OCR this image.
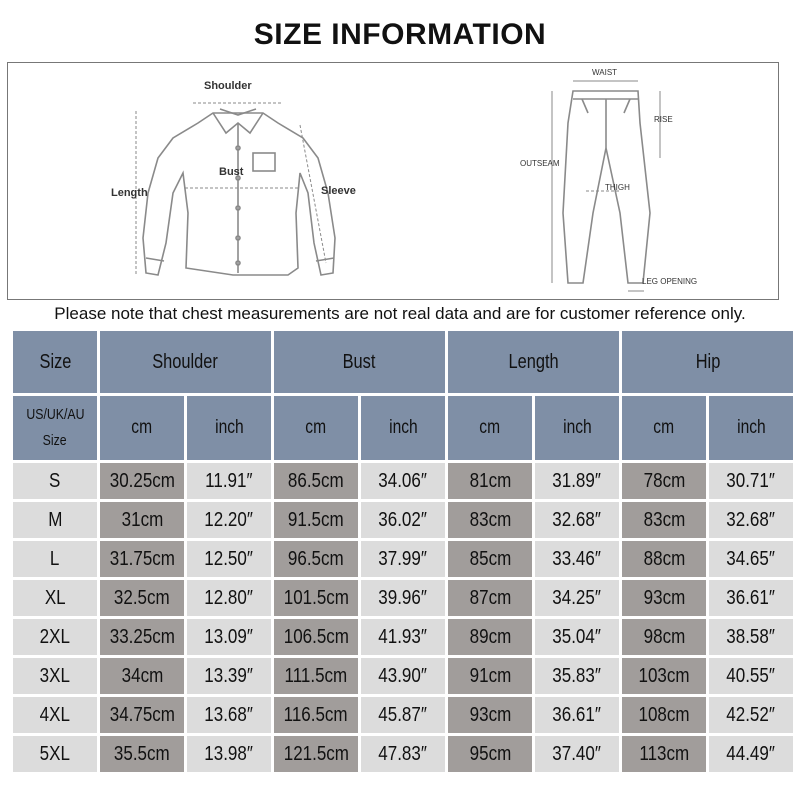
SIZE INFORMATION
Shoulder
Bust
Length	Sleeve
WAIST
RISE
OUTSEAM
THIGH
LEG OPENING
Please note that chest measurements are not real data and are for customer reference only.
Size	Shoulder		Bust		Length		Hip	
US/UK/AU
Size	cm	inch	cm	inch	cm	inch	cm	inch
S	30.25cm	11.91″	86.5cm	34.06″	81cm	31.89″	78cm	30.71″
M	31cm	12.20″	91.5cm	36.02″	83cm	32.68″	83cm	32.68″
L	31.75cm	12.50″	96.5cm	37.99″	85cm	33.46″	88cm	34.65″
XL	32.5cm	12.80″	101.5cm	39.96″	87cm	34.25″	93cm	36.61″
2XL	33.25cm	13.09″	106.5cm	41.93″	89cm	35.04″	98cm	38.58″
3XL	34cm	13.39″	111.5cm	43.90″	91cm	35.83″	103cm	40.55″
4XL	34.75cm	13.68″	116.5cm	45.87″	93cm	36.61″	108cm	42.52″
5XL	35.5cm	13.98″	121.5cm	47.83″	95cm	37.40″	113cm	44.49″
